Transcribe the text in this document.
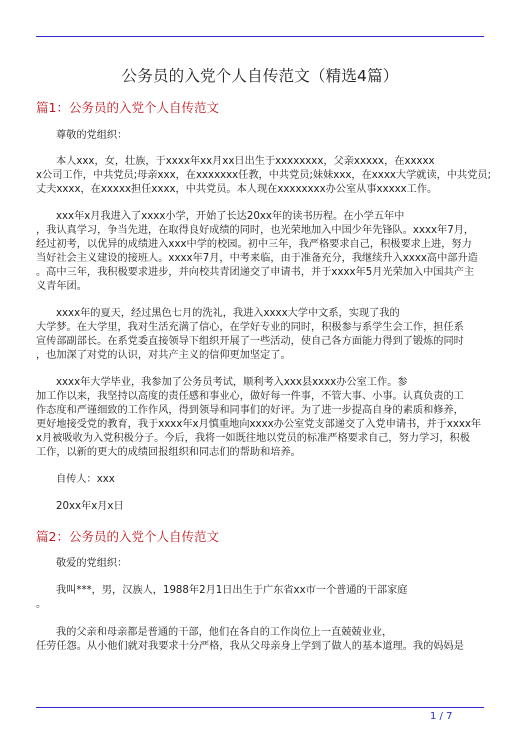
公务员的入党个人自传范文（精选4篇）
篇1：公务员的入党个人自传范文
尊敬的党组织：
本人xxx，女，壮族，于xxxx年xx月xx日出生于xxxxxxxx，父亲xxxxx，在xxxxx
x公司工作，中共党员;母亲xxx，在xxxxxxx任教，中共党员;妹妹xxx，在xxxx大学就读，中共党员;
丈夫xxxx，在xxxxx担任xxxx，中共党员。本人现在xxxxxxxx办公室从事xxxxx工作。
xxx年x月我进入了xxxx小学，开始了长达20xx年的读书历程。在小学五年中
，我认真学习，争当先进，在取得良好成绩的同时，也光荣地加入中国少年先锋队。xxxx年7月，
经过初考，以优异的成绩进入xxx中学的校园。初中三年，我严格要求自己，积极要求上进，努力
当好社会主义建设的接班人。xxxx年7月，中考来临，由于准备充分，我继续升入xxxx高中部升造
。高中三年，我积极要求进步，并向校共青团递交了申请书，并于xxxx年5月光荣加入中国共产主
义青年团。
xxxx年的夏天，经过黑色七月的洗礼，我进入xxxx大学中文系，实现了我的
大学梦。在大学里，我对生活充满了信心，在学好专业的同时，积极参与系学生会工作，担任系
宣传部副部长。在系党委直接领导下组织开展了一些活动，使自己各方面能力得到了锻炼的同时
，也加深了对党的认识，对共产主义的信仰更加坚定了。
xxxx年大学毕业，我参加了公务员考试，顺利考入xxx县xxxx办公室工作。参
加工作以来，我坚持以高度的责任感和事业心，做好每一件事，不管大事、小事。认真负责的工
作态度和严谨细致的工作作风，得到领导和同事们的好评。为了进一步提高自身的素质和修养，
更好地接受党的教育，我于xxxx年x月慎重地向xxxx办公室党支部递交了入党申请书，并于xxxx年
x月被吸收为入党积极分子。今后，我将一如既往地以党员的标准严格要求自己，努力学习，积极
工作，以新的更大的成绩回报组织和同志们的帮助和培养。
自传人：xxx
20xx年x月x日
篇2：公务员的入党个人自传范文
敬爱的党组织：
我叫***，男，汉族人，1988年2月1日出生于广东省xx市一个普通的干部家庭
。
我的父亲和母亲都是普通的干部，他们在各自的工作岗位上一直兢兢业业，
任劳任怨。从小他们就对我要求十分严格，我从父母亲身上学到了做人的基本道理。我的妈妈是
1 / 7
